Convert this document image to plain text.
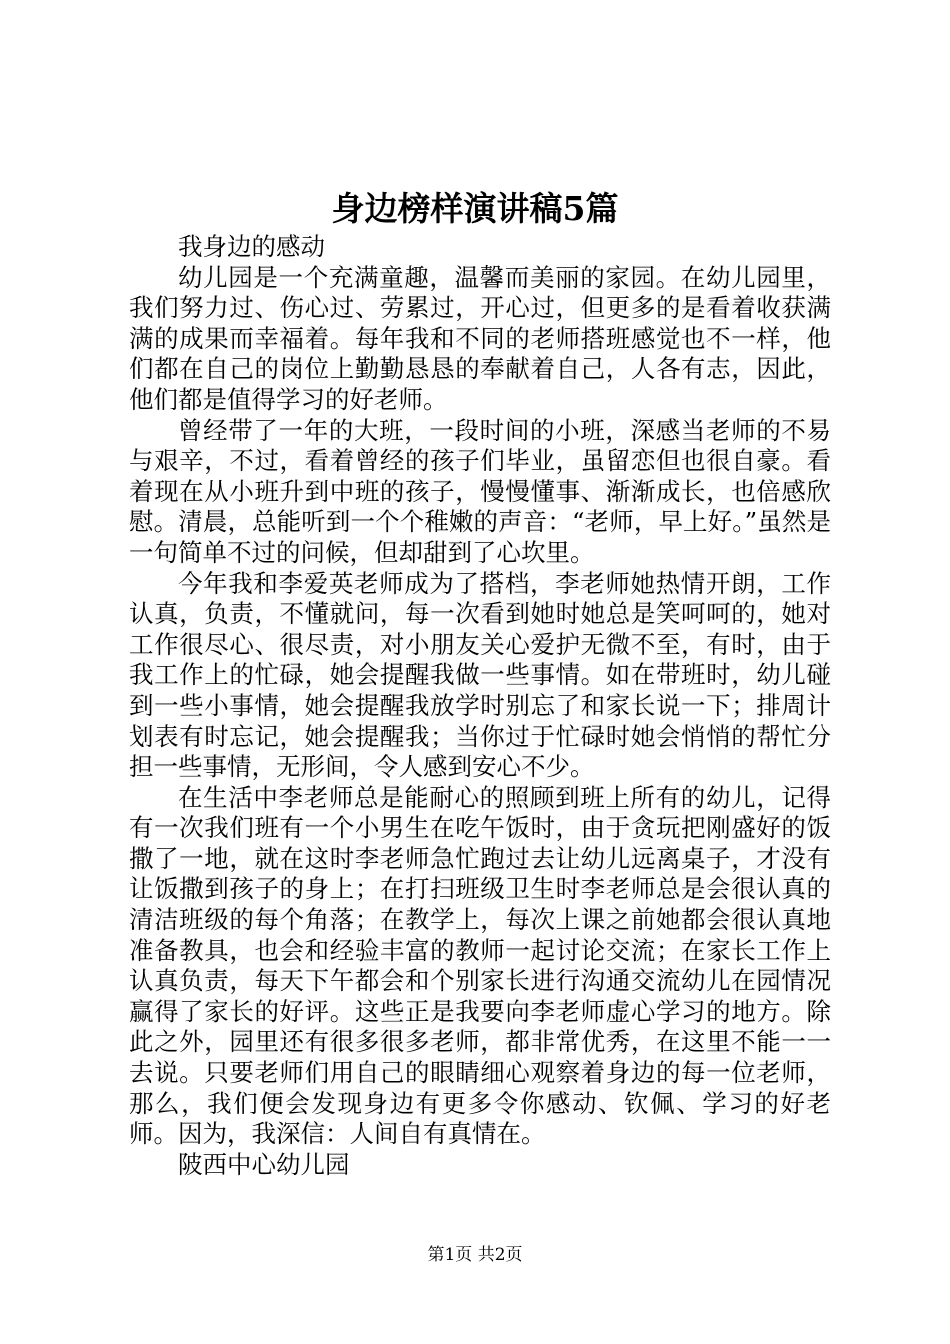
身边榜样演讲稿5篇

我身边的感动

幼儿园是一个充满童趣，温馨而美丽的家园。在幼儿园里，我们努力过、伤心过、劳累过，开心过，但更多的是看着收获满满的成果而幸福着。每年我和不同的老师搭班感觉也不一样，他们都在自己的岗位上勤勤恳恳的奉献着自己，人各有志，因此，他们都是值得学习的好老师。

曾经带了一年的大班，一段时间的小班，深感当老师的不易与艰辛，不过，看着曾经的孩子们毕业，虽留恋但也很自豪。看着现在从小班升到中班的孩子，慢慢懂事、渐渐成长，也倍感欣慰。清晨，总能听到一个个稚嫩的声音：“老师，早上好。”虽然是一句简单不过的问候，但却甜到了心坎里。

今年我和李爱英老师成为了搭档，李老师她热情开朗，工作认真，负责，不懂就问，每一次看到她时她总是笑呵呵的，她对工作很尽心、很尽责，对小朋友关心爱护无微不至，有时，由于我工作上的忙碌，她会提醒我做一些事情。如在带班时，幼儿碰到一些小事情，她会提醒我放学时别忘了和家长说一下；排周计划表有时忘记，她会提醒我；当你过于忙碌时她会悄悄的帮忙分担一些事情，无形间，令人感到安心不少。

在生活中李老师总是能耐心的照顾到班上所有的幼儿，记得有一次我们班有一个小男生在吃午饭时，由于贪玩把刚盛好的饭撒了一地，就在这时李老师急忙跑过去让幼儿远离桌子，才没有让饭撒到孩子的身上；在打扫班级卫生时李老师总是会很认真的清洁班级的每个角落；在教学上，每次上课之前她都会很认真地准备教具，也会和经验丰富的教师一起讨论交流；在家长工作上认真负责，每天下午都会和个别家长进行沟通交流幼儿在园情况赢得了家长的好评。这些正是我要向李老师虚心学习的地方。除此之外，园里还有很多很多老师，都非常优秀，在这里不能一一去说。只要老师们用自己的眼睛细心观察着身边的每一位老师，那么，我们便会发现身边有更多令你感动、钦佩、学习的好老师。因为，我深信：人间自有真情在。

陂西中心幼儿园

第1页 共2页
